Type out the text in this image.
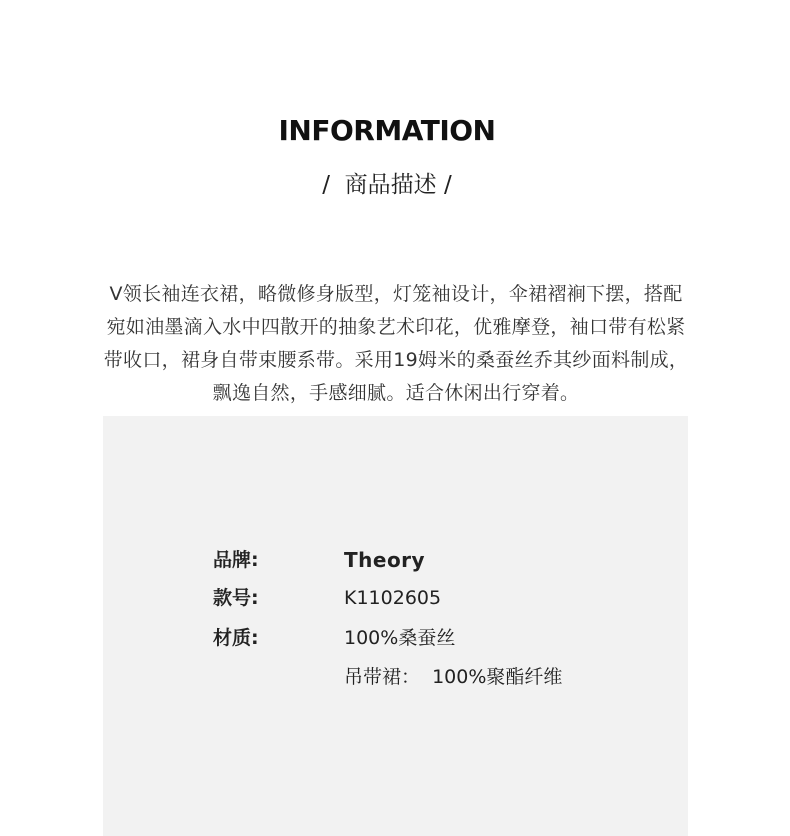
INFORMATION
/  商品描述 /
V领长袖连衣裙，略微修身版型，灯笼袖设计，伞裙褶裥下摆，搭配宛如油墨滴入水中四散开的抽象艺术印花，优雅摩登，袖口带有松紧带收口，裙身自带束腰系带。采用19姆米的桑蚕丝乔其纱面料制成，飘逸自然，手感细腻。适合休闲出行穿着。
品牌:	Theory
款号:	K1102605
材质:	100%桑蚕丝
吊带裙：  100%聚酯纤维
